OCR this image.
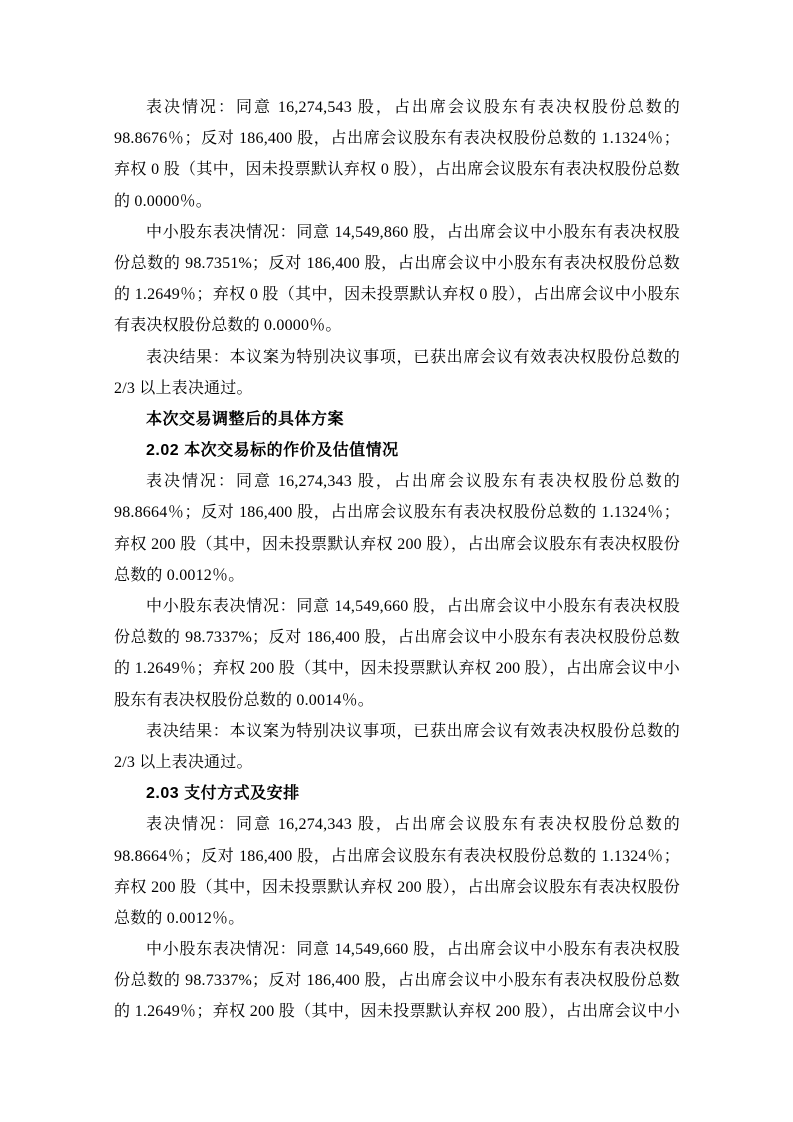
表决情况：同意 16,274,543 股，占出席会议股东有表决权股份总数的
98.8676％；反对 186,400 股，占出席会议股东有表决权股份总数的 1.1324％；
弃权 0 股（其中，因未投票默认弃权 0 股），占出席会议股东有表决权股份总数
的 0.0000％。
中小股东表决情况：同意 14,549,860 股，占出席会议中小股东有表决权股
份总数的 98.7351%；反对 186,400 股，占出席会议中小股东有表决权股份总数
的 1.2649％；弃权 0 股（其中，因未投票默认弃权 0 股），占出席会议中小股东
有表决权股份总数的 0.0000％。
表决结果：本议案为特别决议事项，已获出席会议有效表决权股份总数的
2/3 以上表决通过。
本次交易调整后的具体方案
2.02 本次交易标的作价及估值情况
表决情况：同意 16,274,343 股，占出席会议股东有表决权股份总数的
98.8664％；反对 186,400 股，占出席会议股东有表决权股份总数的 1.1324％；
弃权 200 股（其中，因未投票默认弃权 200 股），占出席会议股东有表决权股份
总数的 0.0012％。
中小股东表决情况：同意 14,549,660 股，占出席会议中小股东有表决权股
份总数的 98.7337%；反对 186,400 股，占出席会议中小股东有表决权股份总数
的 1.2649％；弃权 200 股（其中，因未投票默认弃权 200 股），占出席会议中小
股东有表决权股份总数的 0.0014％。
表决结果：本议案为特别决议事项，已获出席会议有效表决权股份总数的
2/3 以上表决通过。
2.03 支付方式及安排
表决情况：同意 16,274,343 股，占出席会议股东有表决权股份总数的
98.8664％；反对 186,400 股，占出席会议股东有表决权股份总数的 1.1324％；
弃权 200 股（其中，因未投票默认弃权 200 股），占出席会议股东有表决权股份
总数的 0.0012％。
中小股东表决情况：同意 14,549,660 股，占出席会议中小股东有表决权股
份总数的 98.7337%；反对 186,400 股，占出席会议中小股东有表决权股份总数
的 1.2649％；弃权 200 股（其中，因未投票默认弃权 200 股），占出席会议中小
